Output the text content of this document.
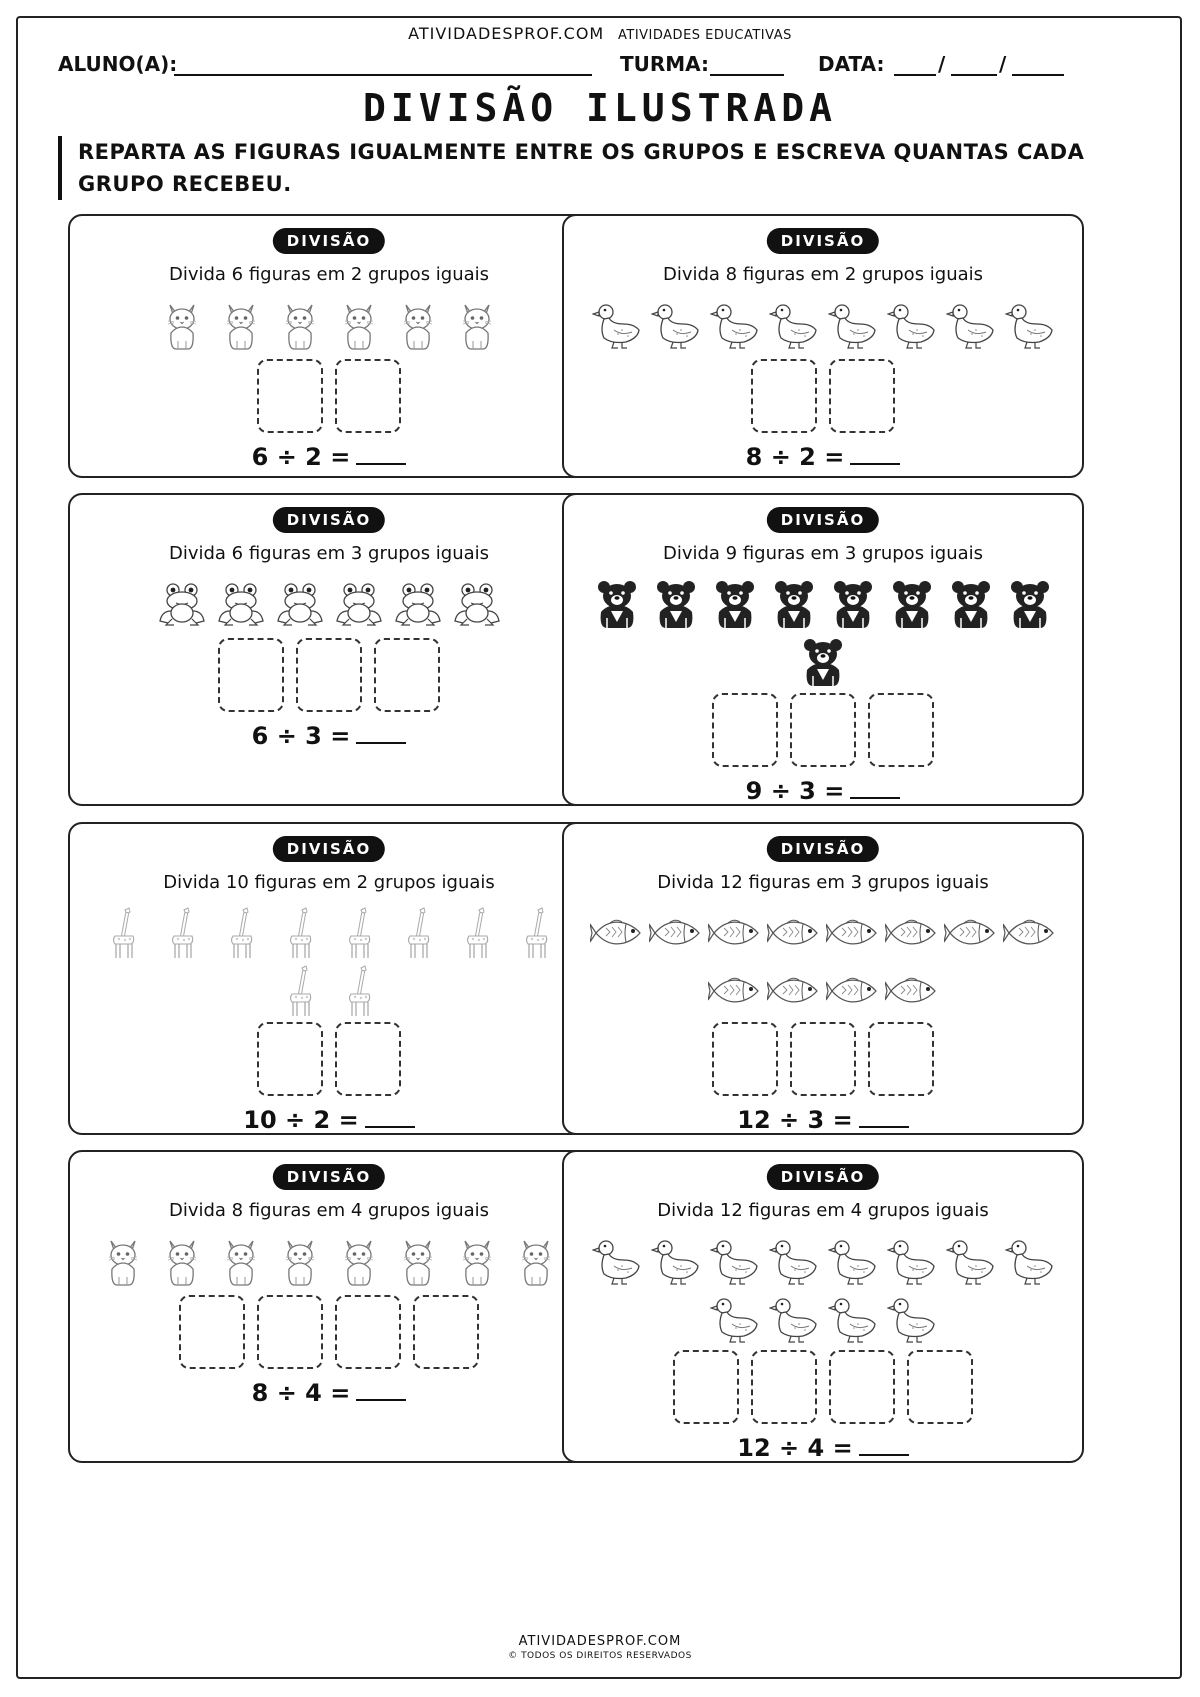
ATIVIDADESPROF.COM ATIVIDADES EDUCATIVAS
ALUNO(A):	TURMA:	DATA:	/	/
DIVISÃO ILUSTRADA
REPARTA AS FIGURAS IGUALMENTE ENTRE OS GRUPOS E ESCREVA QUANTAS CADA GRUPO RECEBEU.
DIVISÃO
Divida 6 figuras em 2 grupos iguais
6 ÷ 2 =
DIVISÃO
Divida 8 figuras em 2 grupos iguais
8 ÷ 2 =
DIVISÃO
Divida 6 figuras em 3 grupos iguais
6 ÷ 3 =
DIVISÃO
Divida 9 figuras em 3 grupos iguais
9 ÷ 3 =
DIVISÃO
Divida 10 figuras em 2 grupos iguais
10 ÷ 2 =
DIVISÃO
Divida 12 figuras em 3 grupos iguais
12 ÷ 3 =
DIVISÃO
Divida 8 figuras em 4 grupos iguais
8 ÷ 4 =
DIVISÃO
Divida 12 figuras em 4 grupos iguais
12 ÷ 4 =
ATIVIDADESPROF.COM
© TODOS OS DIREITOS RESERVADOS
